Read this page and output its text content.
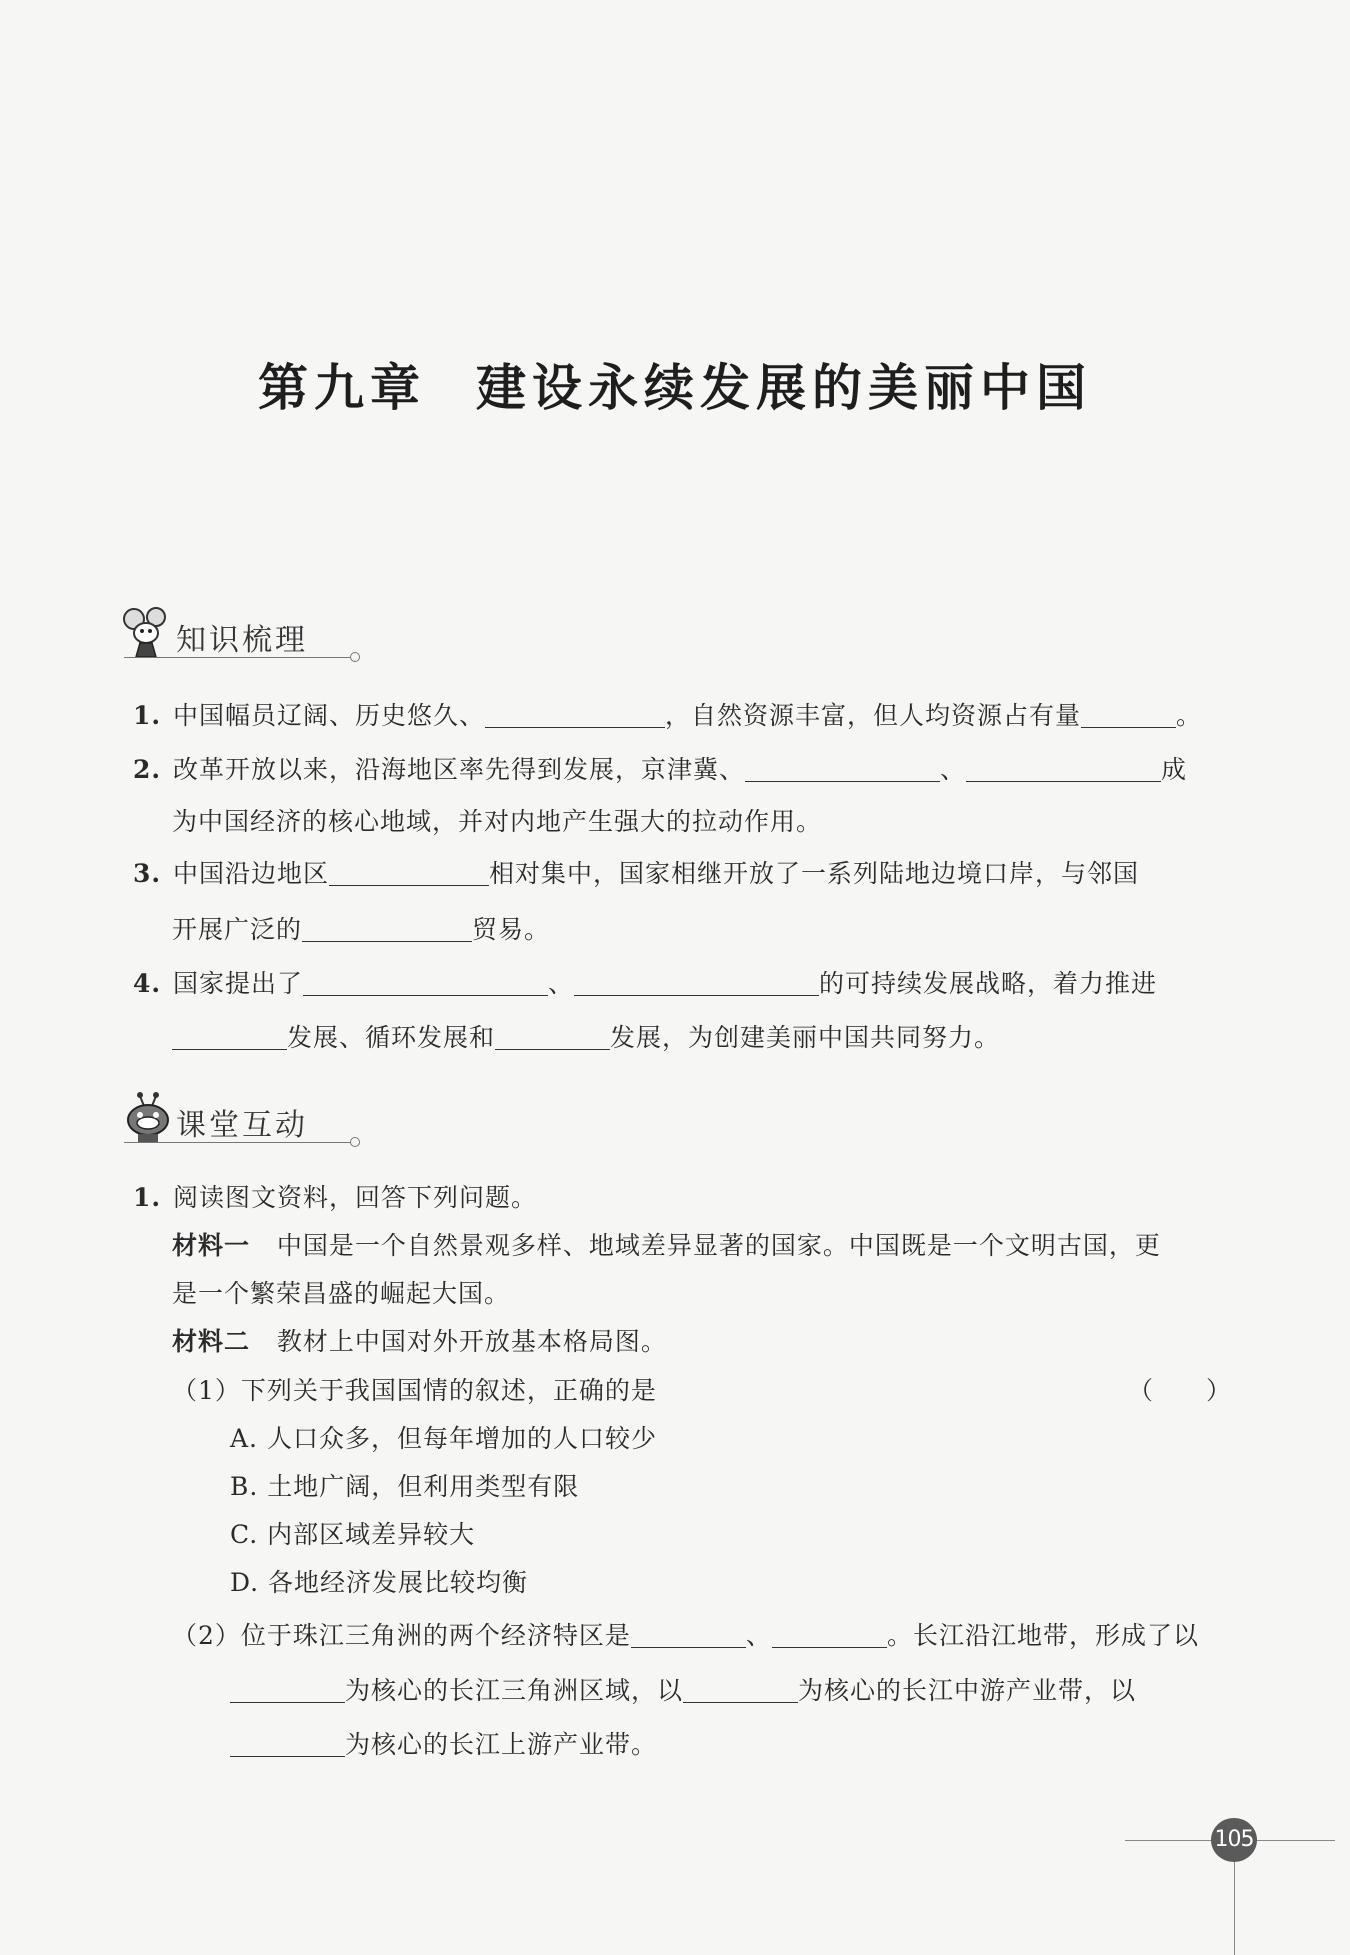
第九章 建设永续发展的美丽中国
知识梳理
1. 中国幅员辽阔、历史悠久、	，自然资源丰富，但人均资源占有量	。
2. 改革开放以来，沿海地区率先得到发展，京津冀、	、	成
为中国经济的核心地域，并对内地产生强大的拉动作用。
3. 中国沿边地区	相对集中，国家相继开放了一系列陆地边境口岸，与邻国
开展广泛的	贸易。
4. 国家提出了	、	的可持续发展战略，着力推进
发展、循环发展和	发展，为创建美丽中国共同努力。
课堂互动
1. 阅读图文资料，回答下列问题。
材料一 中国是一个自然景观多样、地域差异显著的国家。中国既是一个文明古国，更
是一个繁荣昌盛的崛起大国。
材料二 教材上中国对外开放基本格局图。
（1）下列关于我国国情的叙述，正确的是	（　　）
A. 人口众多，但每年增加的人口较少
B. 土地广阔，但利用类型有限
C. 内部区域差异较大
D. 各地经济发展比较均衡
（2）位于珠江三角洲的两个经济特区是	、	。长江沿江地带，形成了以
为核心的长江三角洲区域，以	为核心的长江中游产业带，以
为核心的长江上游产业带。
105
